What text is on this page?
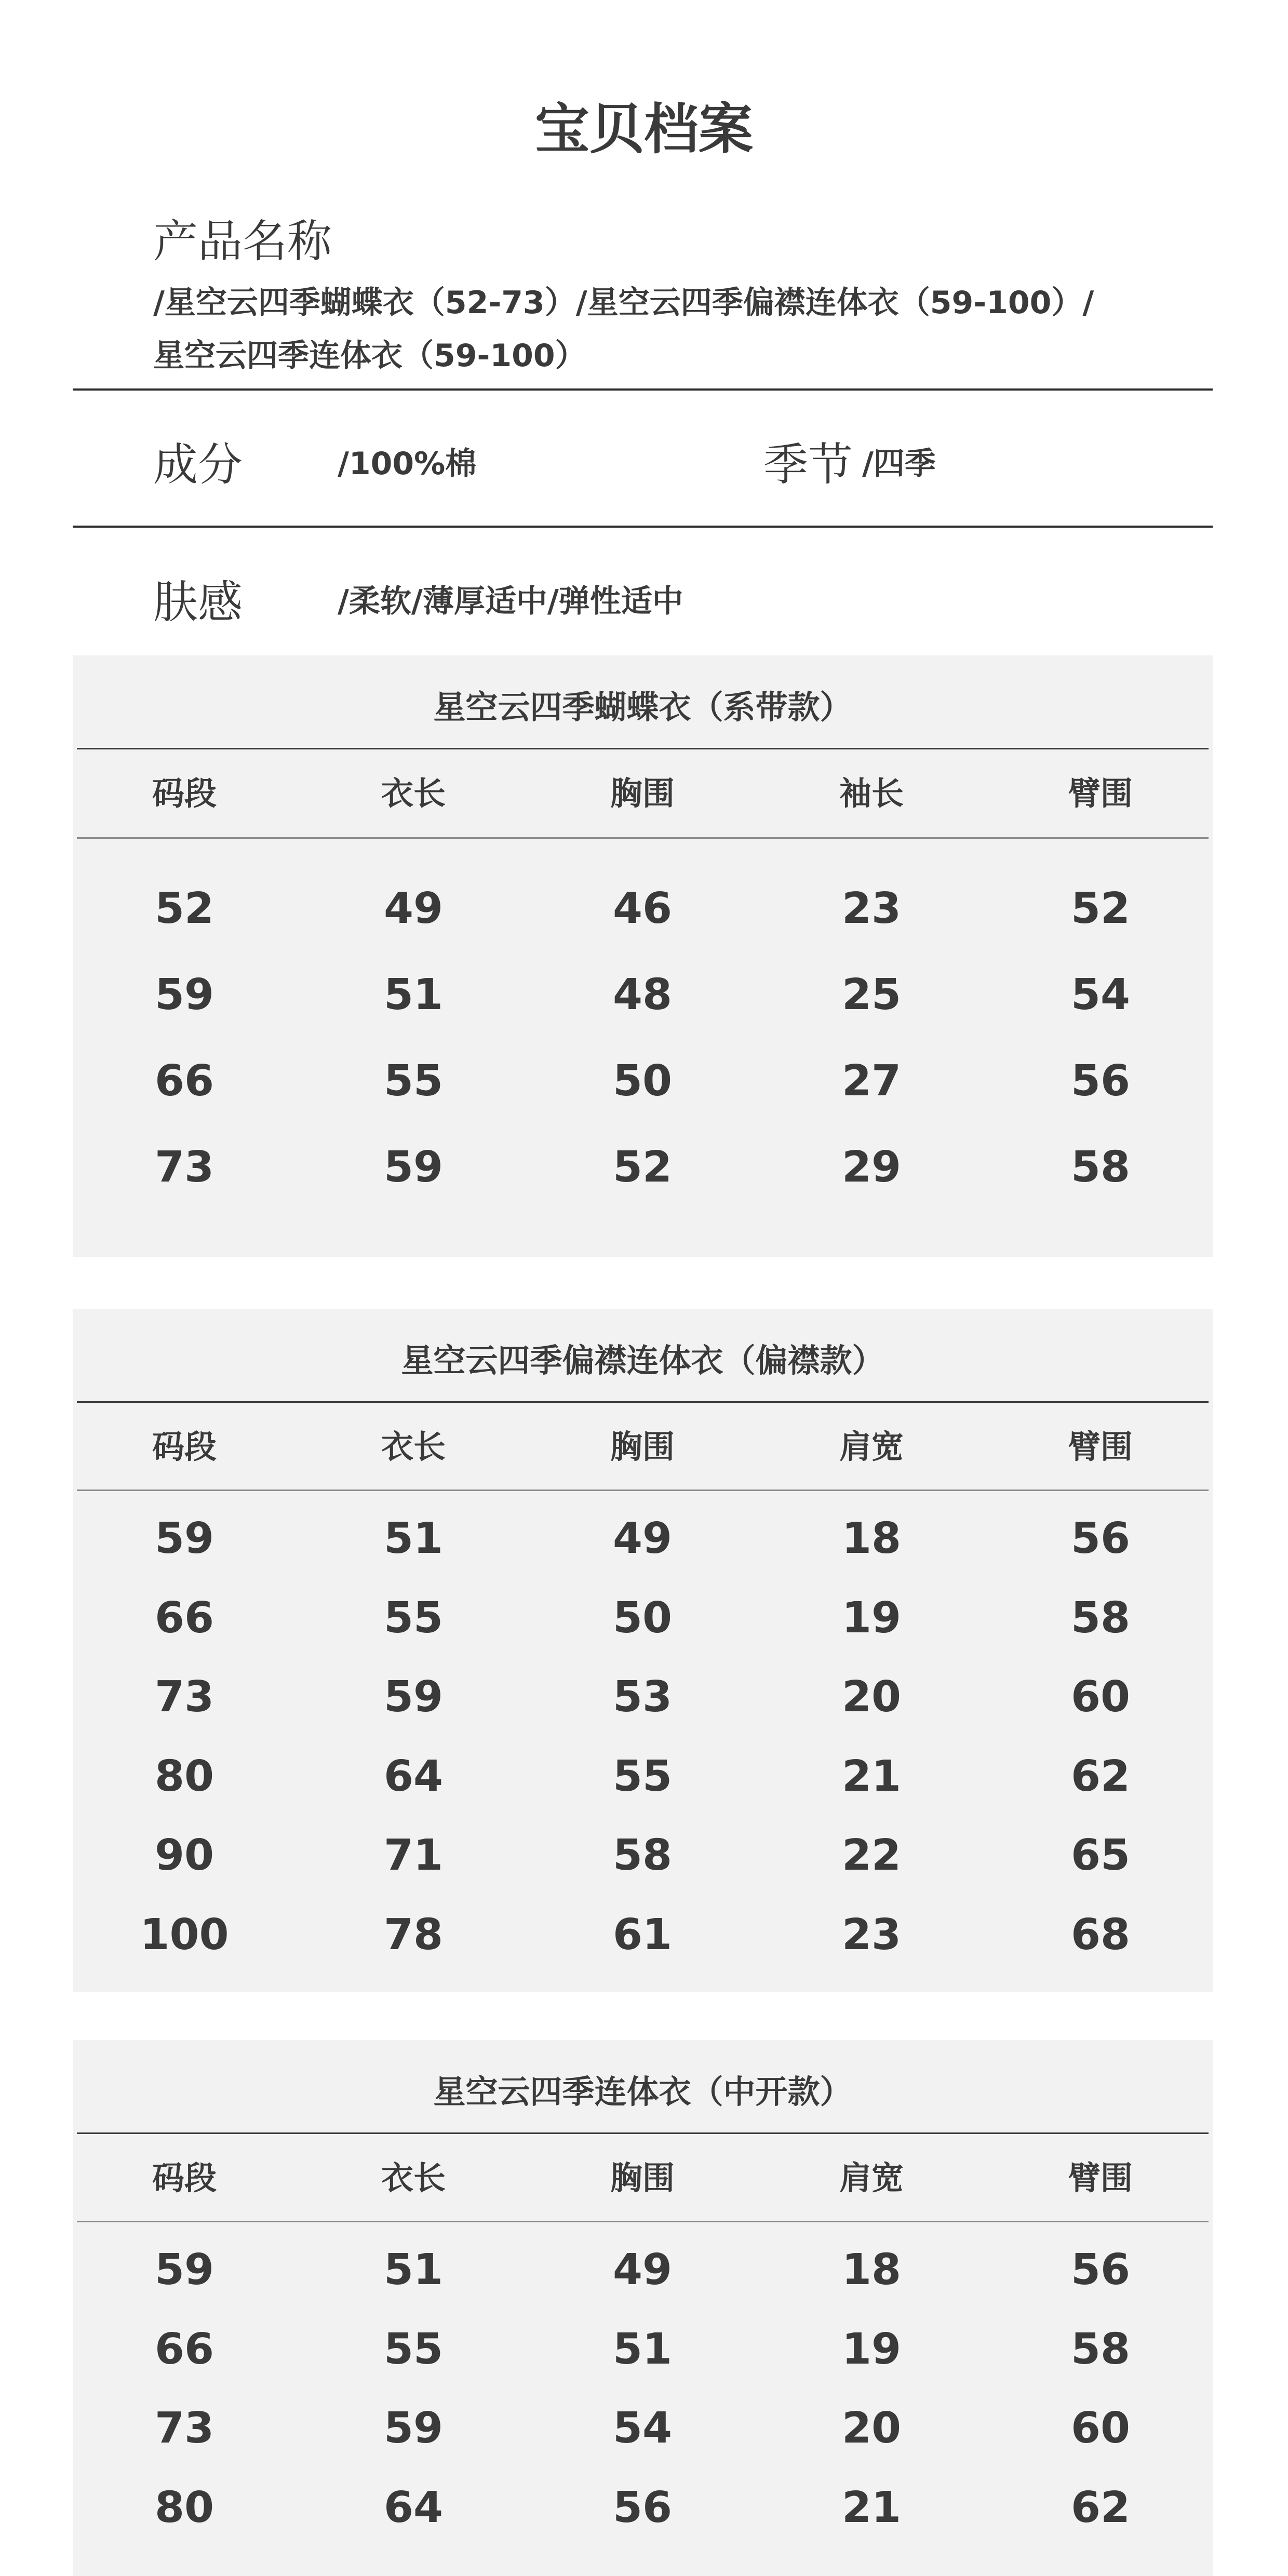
宝贝档案
产品名称
/星空云四季蝴蝶衣（52-73）/星空云四季偏襟连体衣（59-100）/
星空云四季连体衣（59-100）
成分	/100%棉	季节 /四季
肤感	/柔软/薄厚适中/弹性适中
星空云四季蝴蝶衣（系带款）
码段	衣长	胸围	袖长	臂围
52	49	46	23	52
59	51	48	25	54
66	55	50	27	56
73	59	52	29	58
星空云四季偏襟连体衣（偏襟款）
码段	衣长	胸围	肩宽	臂围
59	51	49	18	56
66	55	50	19	58
73	59	53	20	60
80	64	55	21	62
90	71	58	22	65
100	78	61	23	68
星空云四季连体衣（中开款）
码段	衣长	胸围	肩宽	臂围
59	51	49	18	56
66	55	51	19	58
73	59	54	20	60
80	64	56	21	62
